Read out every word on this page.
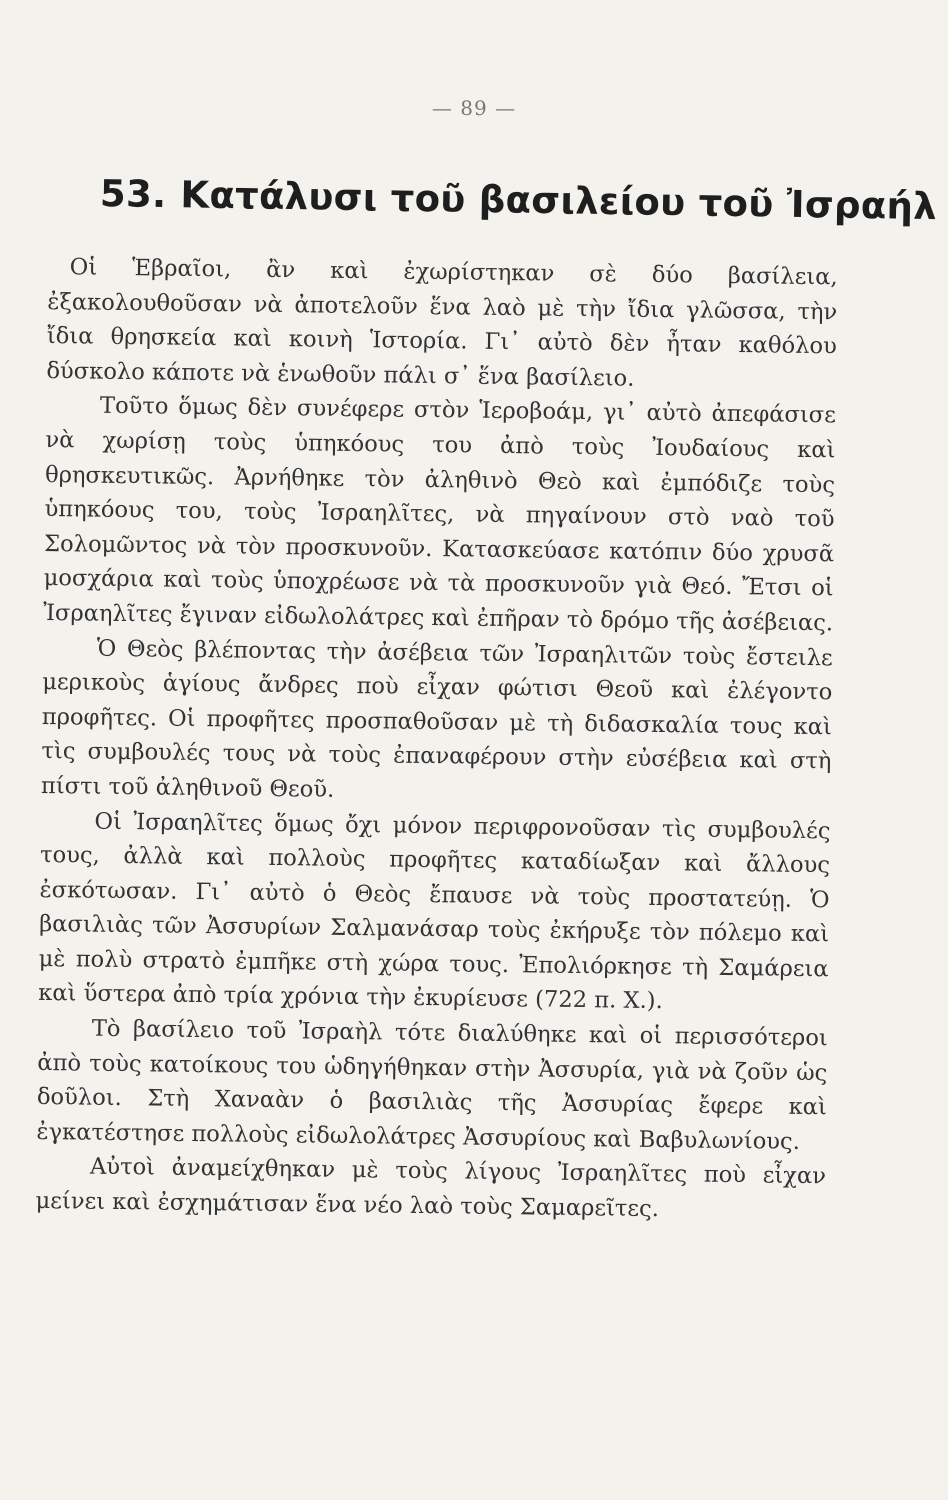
— 89 —
53. Κατάλυσι τοῦ βασιλείου τοῦ Ἰσραήλ

Οἱ Ἑβραῖοι, ἂν καὶ ἐχωρίστηκαν σὲ δύο βασίλεια, ἐξακολουθοῦσαν νὰ ἀποτελοῦν ἕνα λαὸ μὲ τὴν ἴδια γλῶσσα, τὴν ἴδια θρησκεία καὶ κοινὴ Ἱστορία. Γι᾽ αὐτὸ δὲν ἦταν καθόλου δύσκολο κάποτε νὰ ἑνωθοῦν πάλι σ᾽ ἕνα βασίλειο.

Τοῦτο ὅμως δὲν συνέφερε στὸν Ἱεροβοάμ, γι᾽ αὐτὸ ἀπεφάσισε νὰ χωρίσῃ τοὺς ὑπηκόους του ἀπὸ τοὺς Ἰουδαίους καὶ θρησκευτικῶς. Ἀρνήθηκε τὸν ἀληθινὸ Θεὸ καὶ ἐμπόδιζε τοὺς ὑπηκόους του, τοὺς Ἰσραηλῖτες, νὰ πηγαίνουν στὸ ναὸ τοῦ Σολομῶντος νὰ τὸν προσκυνοῦν. Κατασκεύασε κατόπιν δύο χρυσᾶ μοσχάρια καὶ τοὺς ὑποχρέωσε νὰ τὰ προσκυνοῦν γιὰ Θεό. Ἔτσι οἱ Ἰσραηλῖτες ἔγιναν εἰδωλολάτρες καὶ ἐπῆραν τὸ δρόμο τῆς ἀσέβειας.

Ὁ Θεὸς βλέποντας τὴν ἀσέβεια τῶν Ἰσραηλιτῶν τοὺς ἔστειλε μερικοὺς ἁγίους ἄνδρες ποὺ εἶχαν φώτισι Θεοῦ καὶ ἐλέγοντο προφῆτες. Οἱ προφῆτες προσπαθοῦσαν μὲ τὴ διδασκαλία τους καὶ τὶς συμβουλές τους νὰ τοὺς ἐπαναφέρουν στὴν εὐσέβεια καὶ στὴ πίστι τοῦ ἀληθινοῦ Θεοῦ.

Οἱ Ἰσραηλῖτες ὅμως ὄχι μόνον περιφρονοῦσαν τὶς συμβουλές τους, ἀλλὰ καὶ πολλοὺς προφῆτες καταδίωξαν καὶ ἄλλους ἐσκότωσαν. Γι᾽ αὐτὸ ὁ Θεὸς ἔπαυσε νὰ τοὺς προστατεύῃ. Ὁ βασιλιὰς τῶν Ἀσσυρίων Σαλμανάσαρ τοὺς ἐκήρυξε τὸν πόλεμο καὶ μὲ πολὺ στρατὸ ἐμπῆκε στὴ χώρα τους. Ἐπολιόρκησε τὴ Σαμάρεια καὶ ὕστερα ἀπὸ τρία χρόνια τὴν ἐκυρίευσε (722 π. Χ.).

Τὸ βασίλειο τοῦ Ἰσραὴλ τότε διαλύθηκε καὶ οἱ περισσότεροι ἀπὸ τοὺς κατοίκους του ὡδηγήθηκαν στὴν Ἀσσυρία, γιὰ νὰ ζοῦν ὡς δοῦλοι. Στὴ Χαναὰν ὁ βασιλιὰς τῆς Ἀσσυρίας ἔφερε καὶ ἐγκατέστησε πολλοὺς εἰδωλολάτρες Ἀσσυρίους καὶ Βαβυλωνίους.

Αὐτοὶ ἀναμείχθηκαν μὲ τοὺς λίγους Ἰσραηλῖτες ποὺ εἶχαν μείνει καὶ ἐσχημάτισαν ἕνα νέο λαὸ τοὺς Σαμαρεῖτες.
